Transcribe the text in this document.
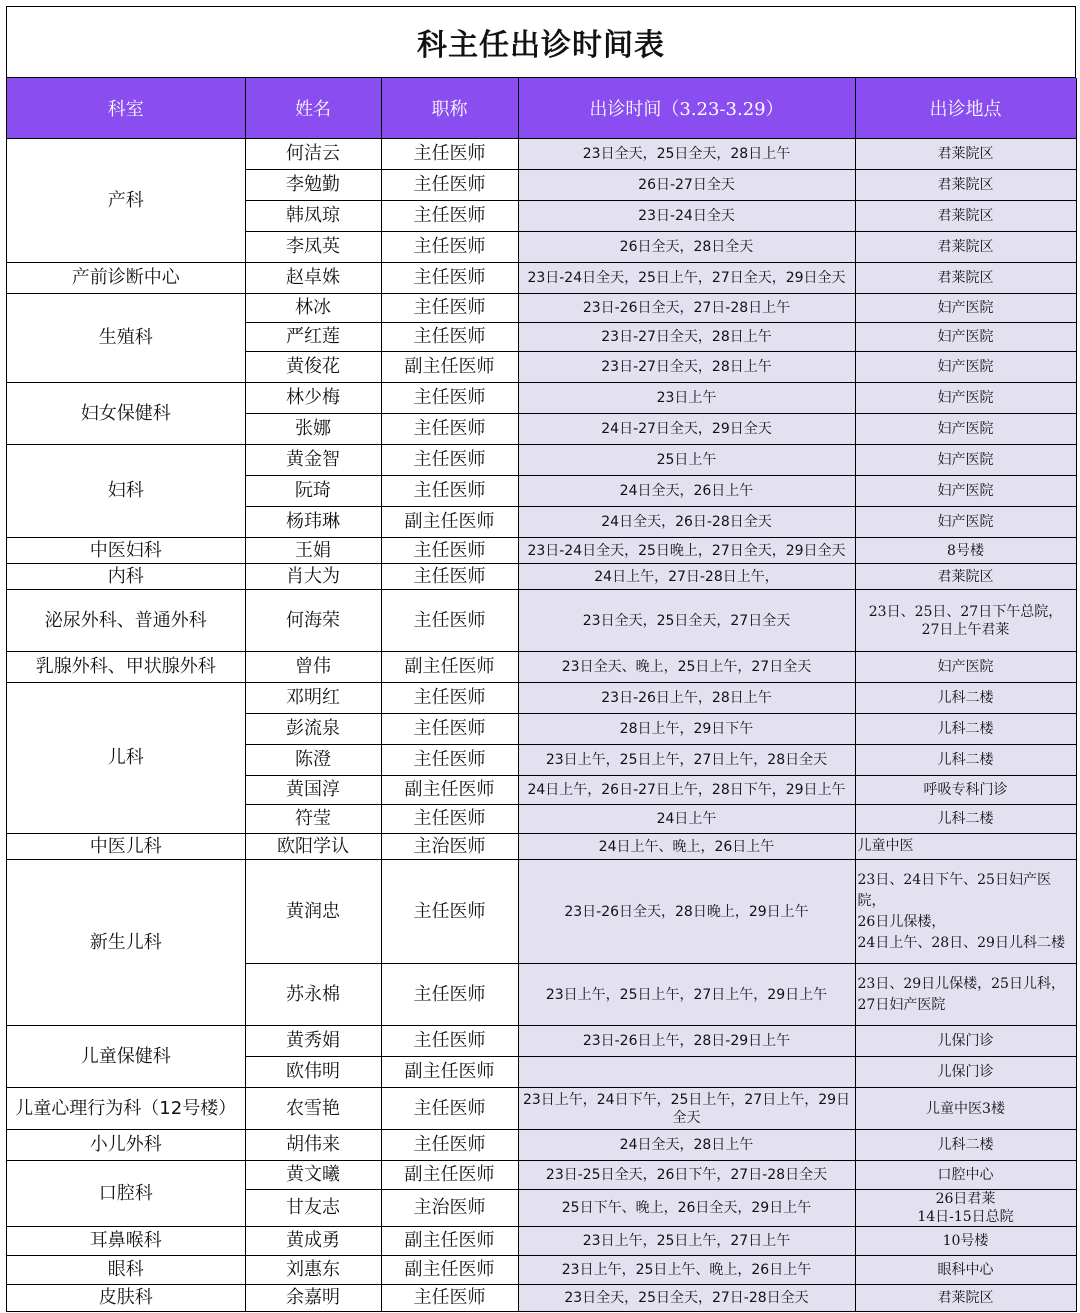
科主任出诊时间表
科室	姓名	职称	出诊时间（3.23-3.29）	出诊地点
产科	何洁云	主任医师	23日全天，25日全天，28日上午	君莱院区
	李勉勤	主任医师	26日-27日全天	君莱院区
	韩凤琼	主任医师	23日-24日全天	君莱院区
	李凤英	主任医师	26日全天，28日全天	君莱院区
产前诊断中心	赵卓姝	主任医师	23日-24日全天，25日上午，27日全天，29日全天	君莱院区
生殖科	林冰	主任医师	23日-26日全天，27日-28日上午	妇产医院
	严红莲	主任医师	23日-27日全天，28日上午	妇产医院
	黄俊花	副主任医师	23日-27日全天，28日上午	妇产医院
妇女保健科	林少梅	主任医师	23日上午	妇产医院
	张娜	主任医师	24日-27日全天，29日全天	妇产医院
妇科	黄金智	主任医师	25日上午	妇产医院
	阮琦	主任医师	24日全天，26日上午	妇产医院
	杨玮琳	副主任医师	24日全天，26日-28日全天	妇产医院
中医妇科	王娟	主任医师	23日-24日全天，25日晚上，27日全天，29日全天	8号楼
内科	肖大为	主任医师	24日上午，27日-28日上午，	君莱院区
泌尿外科、普通外科	何海荣	主任医师	23日全天，25日全天，27日全天	23日、25日、27日下午总院，
27日上午君莱
乳腺外科、甲状腺外科	曾伟	副主任医师	23日全天、晚上，25日上午，27日全天	妇产医院
儿科	邓明红	主任医师	23日-26日上午，28日上午	儿科二楼
	彭流泉	主任医师	28日上午，29日下午	儿科二楼
	陈澄	主任医师	23日上午，25日上午，27日上午，28日全天	儿科二楼
	黄国淳	副主任医师	24日上午，26日-27日上午，28日下午，29日上午	呼吸专科门诊
	符莹	主任医师	24日上午	儿科二楼
中医儿科	欧阳学认	主治医师	24日上午、晚上，26日上午	儿童中医
新生儿科	黄润忠	主任医师	23日-26日全天，28日晚上，29日上午	23日、24日下午、25日妇产医院，
26日儿保楼，
24日上午、28日、29日儿科二楼
	苏永棉	主任医师	23日上午，25日上午，27日上午，29日上午	23日、29日儿保楼，25日儿科，
27日妇产医院
儿童保健科	黄秀娟	主任医师	23日-26日上午，28日-29日上午	儿保门诊
	欧伟明	副主任医师		儿保门诊

儿童心理行为科（12号楼）	农雪艳	主任医师	23日上午，24日下午，25日上午，27日上午，29日全天	儿童中医3楼
小儿外科	胡伟来	主任医师	24日全天，28日上午	儿科二楼
口腔科	黄文曦	副主任医师	23日-25日全天，26日下午，27日-28日全天	口腔中心
	甘友志	主治医师	25日下午、晚上，26日全天，29日上午	26日君莱
14日-15日总院
耳鼻喉科	黄成勇	副主任医师	23日上午，25日上午，27日上午	10号楼
眼科	刘惠东	副主任医师	23日上午，25日上午、晚上，26日上午	眼科中心
皮肤科	余嘉明	主任医师	23日全天，25日全天，27日-28日全天	君莱院区
